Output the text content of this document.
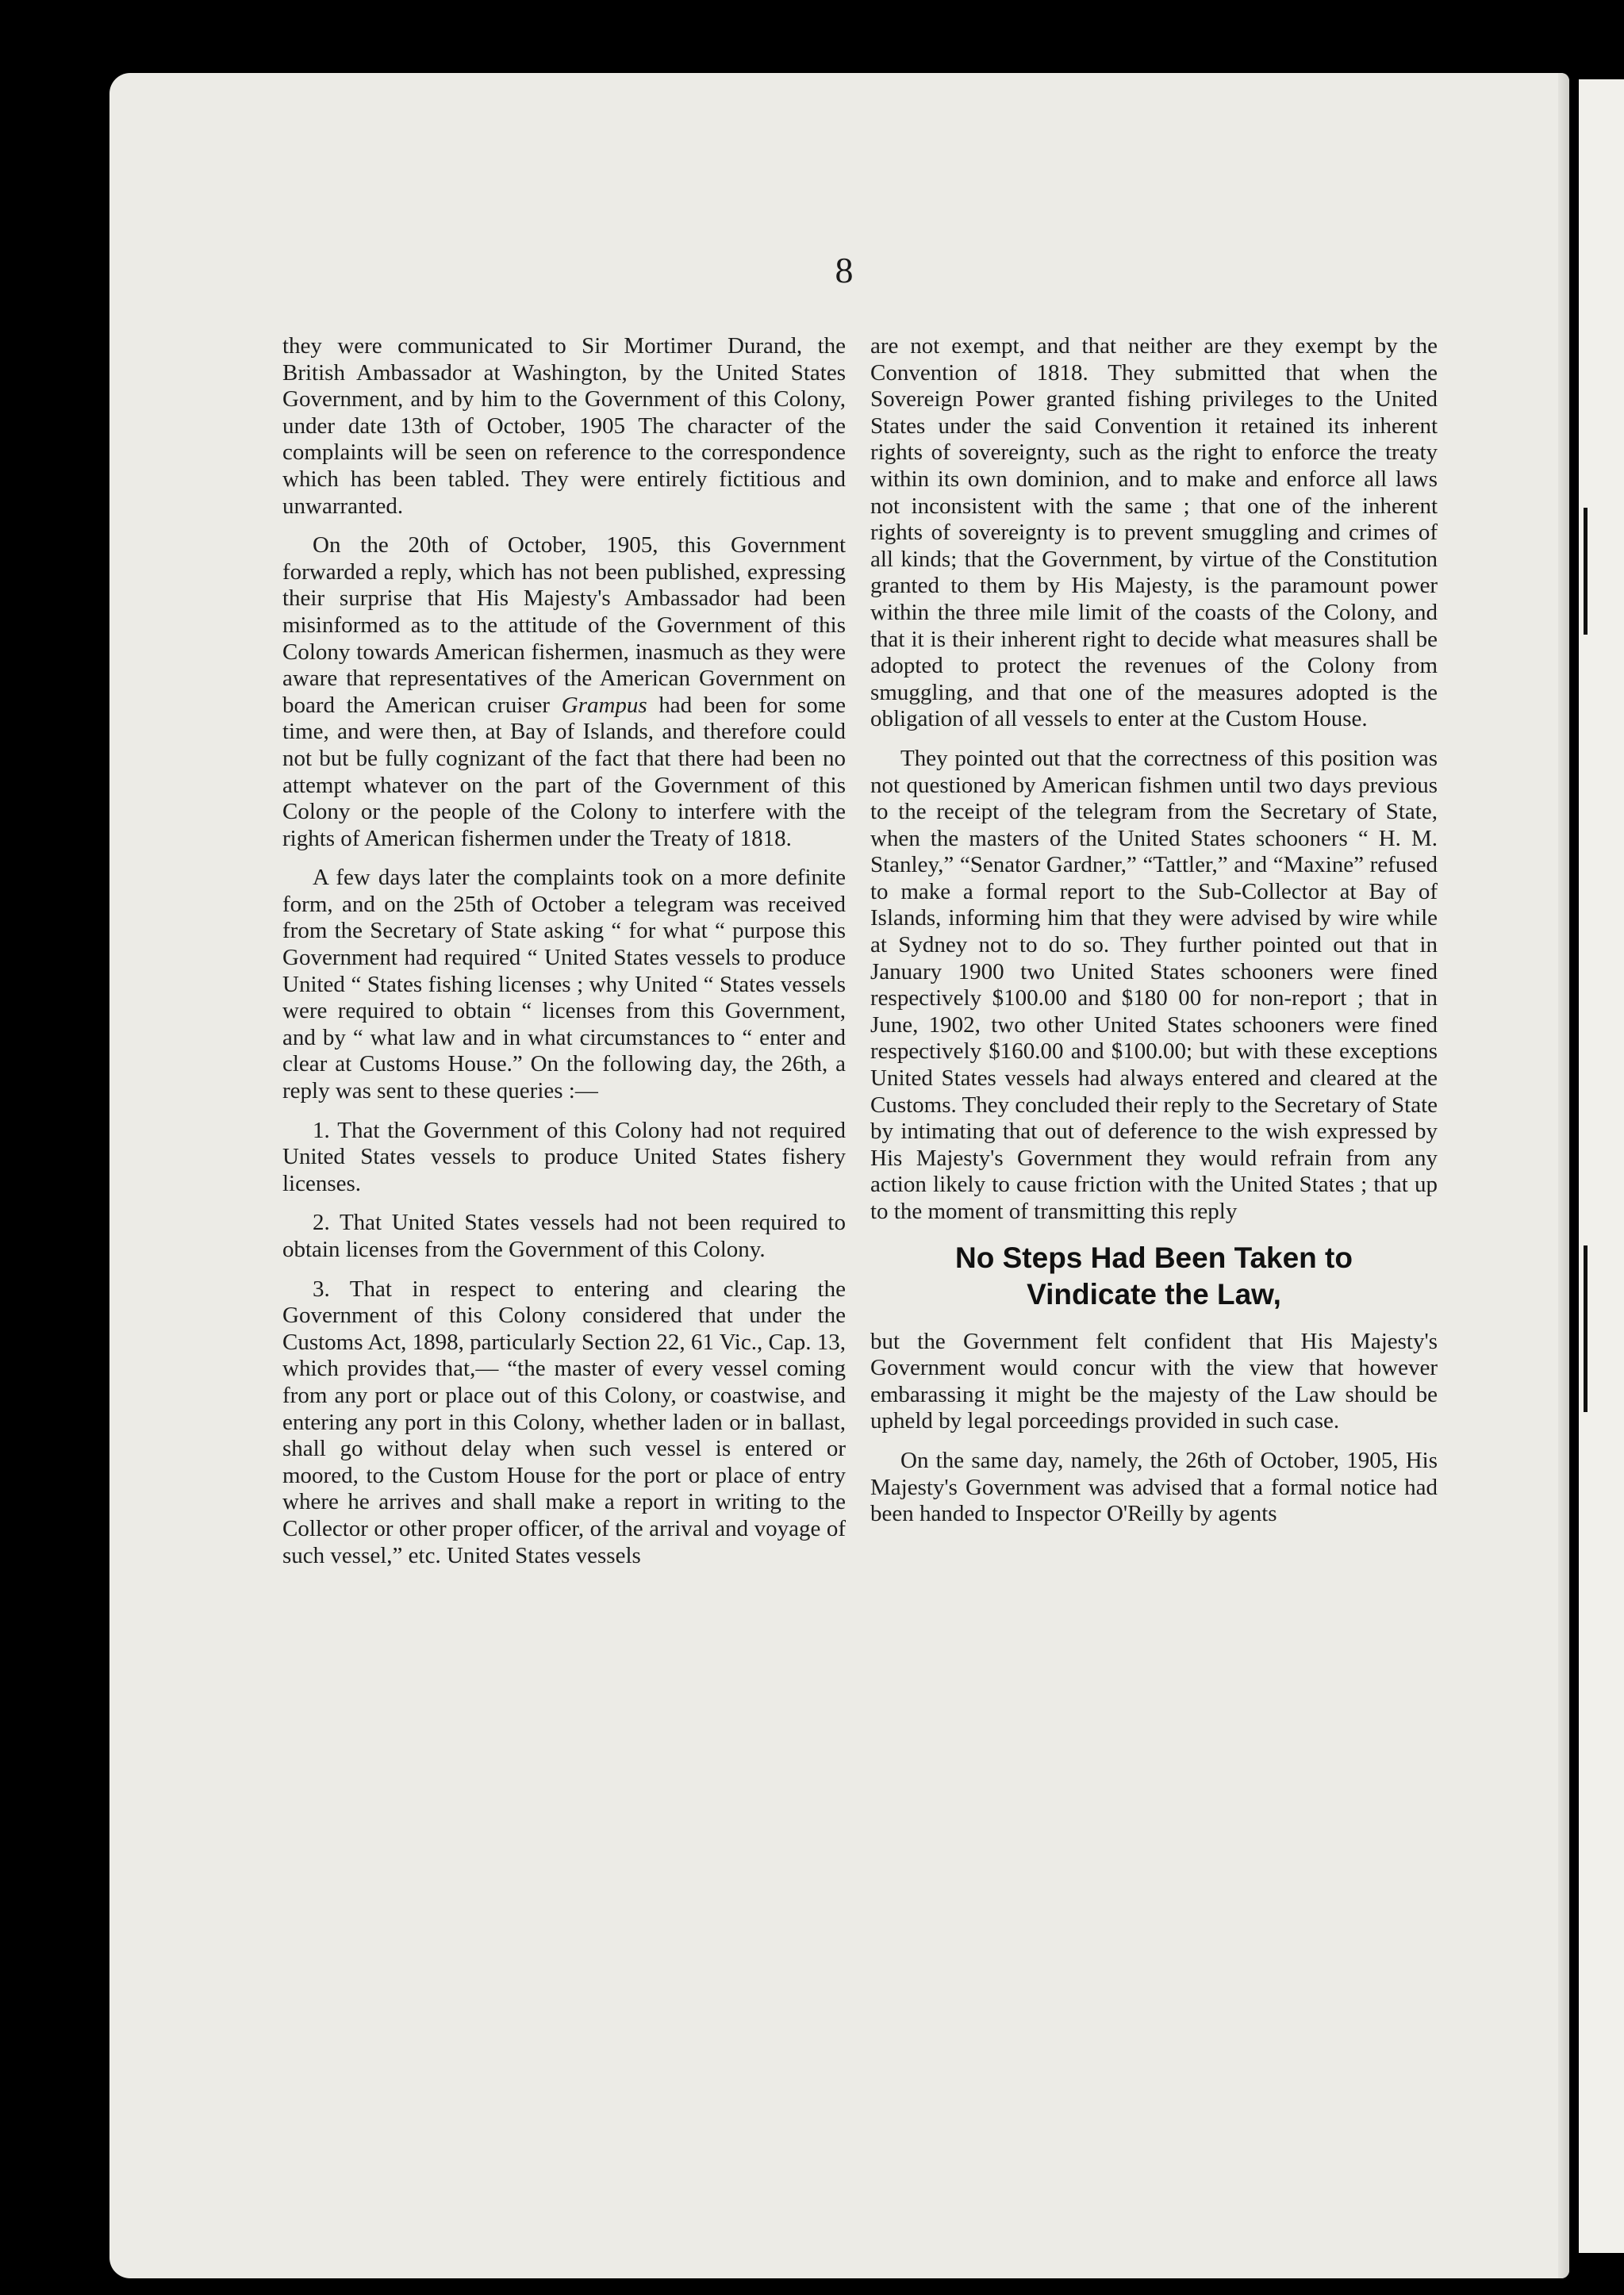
8

they were communicated to Sir Mortimer Durand, the British Ambassador at Washington, by the United States Government, and by him to the Government of this Colony, under date 13th of October, 1905 The character of the complaints will be seen on reference to the correspondence which has been tabled. They were entirely fictitious and unwarranted.

On the 20th of October, 1905, this Government forwarded a reply, which has not been published, expressing their surprise that His Majesty's Ambassador had been misinformed as to the attitude of the Government of this Colony towards American fishermen, inasmuch as they were aware that representatives of the American Government on board the American cruiser Grampus had been for some time, and were then, at Bay of Islands, and therefore could not but be fully cognizant of the fact that there had been no attempt whatever on the part of the Government of this Colony or the people of the Colony to interfere with the rights of American fishermen under the Treaty of 1818.

A few days later the complaints took on a more definite form, and on the 25th of October a telegram was received from the Secretary of State asking “ for what “ purpose this Government had required “ United States vessels to produce United “ States fishing licenses ; why United “ States vessels were required to obtain “ licenses from this Government, and by “ what law and in what circumstances to “ enter and clear at Customs House.” On the following day, the 26th, a reply was sent to these queries :—

1. That the Government of this Colony had not required United States vessels to produce United States fishery licenses.

2. That United States vessels had not been required to obtain licenses from the Government of this Colony.

3. That in respect to entering and clearing the Government of this Colony considered that under the Customs Act, 1898, particularly Section 22, 61 Vic., Cap. 13, which provides that,— “the master of every vessel coming from any port or place out of this Colony, or coastwise, and entering any port in this Colony, whether laden or in ballast, shall go without delay when such vessel is entered or moored, to the Custom House for the port or place of entry where he arrives and shall make a report in writing to the Collector or other proper officer, of the arrival and voyage of such vessel,” etc. United States vessels

are not exempt, and that neither are they exempt by the Convention of 1818. They submitted that when the Sovereign Power granted fishing privileges to the United States under the said Convention it retained its inherent rights of sovereignty, such as the right to enforce the treaty within its own dominion, and to make and enforce all laws not inconsistent with the same ; that one of the inherent rights of sovereignty is to prevent smuggling and crimes of all kinds; that the Government, by virtue of the Constitution granted to them by His Majesty, is the paramount power within the three mile limit of the coasts of the Colony, and that it is their inherent right to decide what measures shall be adopted to protect the revenues of the Colony from smuggling, and that one of the measures adopted is the obligation of all vessels to enter at the Custom House.

They pointed out that the correctness of this position was not questioned by American fishmen until two days previous to the receipt of the telegram from the Secretary of State, when the masters of the United States schooners “ H. M. Stanley,” “Senator Gardner,” “Tattler,” and “Maxine” refused to make a formal report to the Sub-Collector at Bay of Islands, informing him that they were advised by wire while at Sydney not to do so. They further pointed out that in January 1900 two United States schooners were fined respectively $100.00 and $180 00 for non-report ; that in June, 1902, two other United States schooners were fined respectively $160.00 and $100.00; but with these exceptions United States vessels had always entered and cleared at the Customs. They concluded their reply to the Secretary of State by intimating that out of deference to the wish expressed by His Majesty's Government they would refrain from any action likely to cause friction with the United States ; that up to the moment of transmitting this reply

No Steps Had Been Taken to
Vindicate the Law,

but the Government felt confident that His Majesty's Government would concur with the view that however embarassing it might be the majesty of the Law should be upheld by legal porceedings provided in such case.

On the same day, namely, the 26th of October, 1905, His Majesty's Government was advised that a formal notice had been handed to Inspector O'Reilly by agents
